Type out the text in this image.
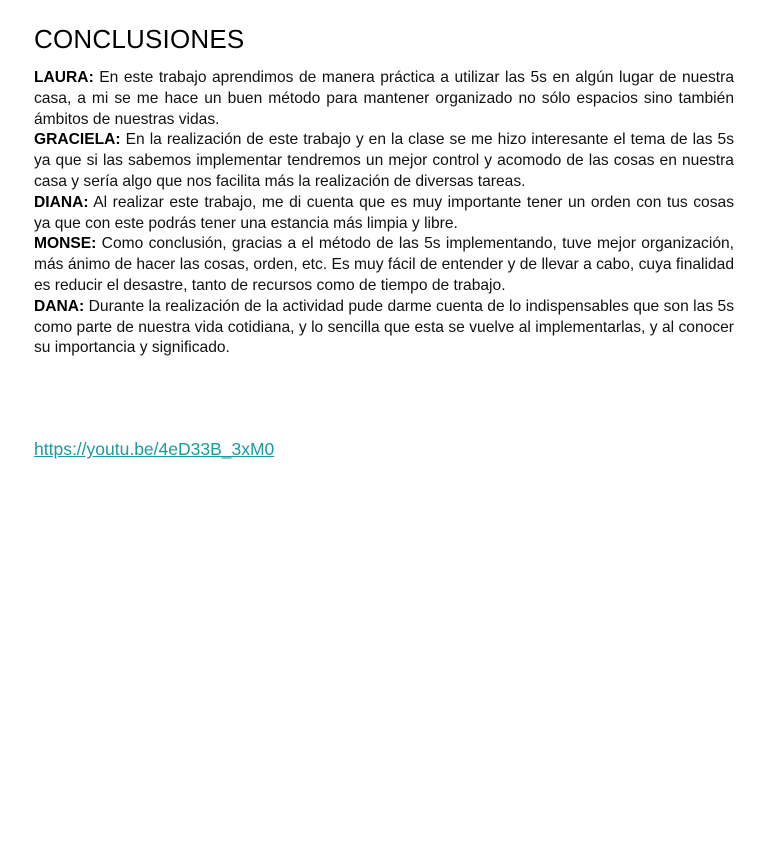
CONCLUSIONES

LAURA: En este trabajo aprendimos de manera práctica a utilizar las 5s en algún lugar de nuestra casa, a mi se me hace un buen método para mantener organizado no sólo espacios sino también ámbitos de nuestras vidas.

GRACIELA: En la realización de este trabajo y en la clase se me hizo interesante el tema de las 5s ya que si las sabemos implementar tendremos un mejor control y acomodo de las cosas en nuestra casa y sería algo que nos facilita más la realización de diversas tareas.

DIANA: Al realizar este trabajo, me di cuenta que es muy importante tener un orden con tus cosas ya que con este podrás tener una estancia más limpia y libre.

MONSE: Como conclusión, gracias a el método de las 5s implementando, tuve mejor organización, más ánimo de hacer las cosas, orden, etc. Es muy fácil de entender y de llevar a cabo, cuya finalidad es reducir el desastre, tanto de recursos como de tiempo de trabajo.

DANA: Durante la realización de la actividad pude darme cuenta de lo indispensables que son las 5s como parte de nuestra vida cotidiana, y lo sencilla que esta se vuelve al implementarlas, y al conocer su importancia y significado.

https://youtu.be/4eD33B_3xM0
